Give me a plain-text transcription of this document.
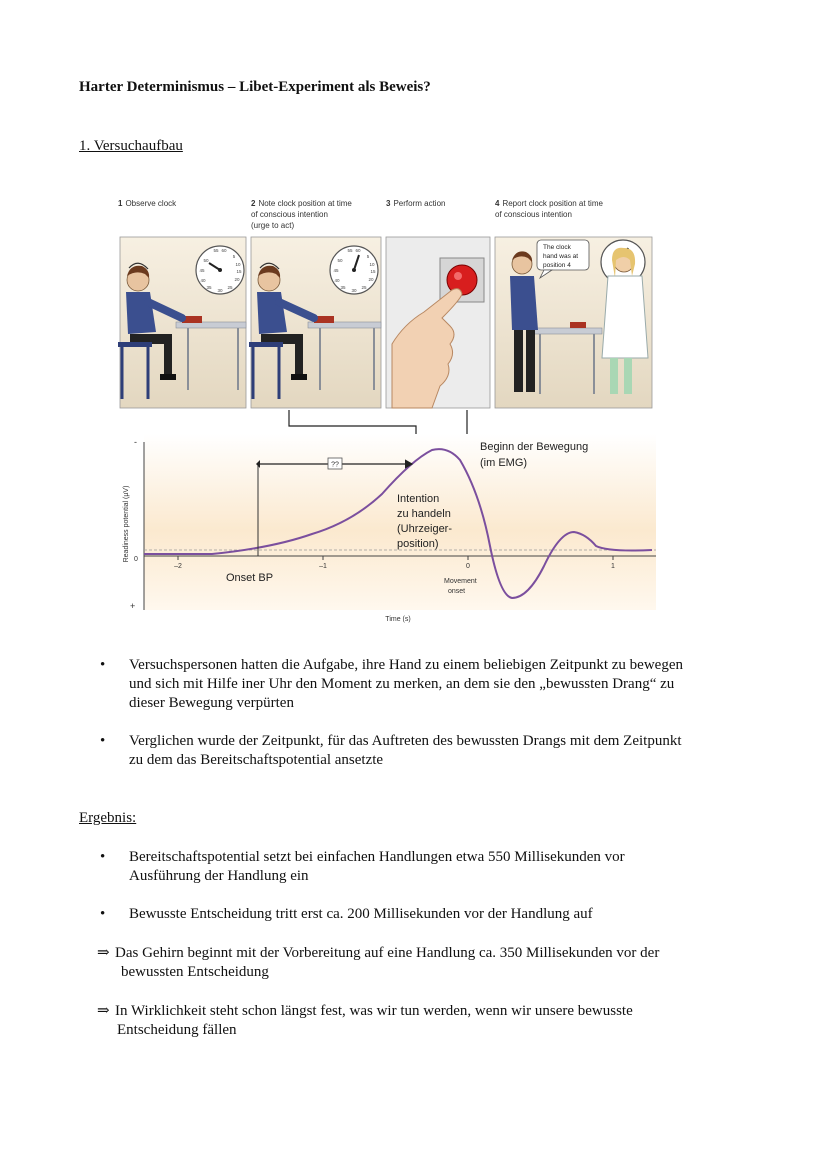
Harter Determinismus – Libet-Experiment als Beweis?
1. Versuchaufbau
1 Observe clock	2 Note clock position at time
of conscious intention
(urge to act)
3 Perform action	4 Report clock position at time
of conscious intention
55 60
5
10
15
20
25
30
35
40
45
50
55 60
5
10
15
20
25
30
35
40
45
50
The clock
hand was at
position 4
+
0
-
Readiness potential (µV)
–2	–1	0	1
Time (s)
??
Onset BP
Beginn der Bewegung
(im EMG)
Intention
zu handeln
(Uhrzeiger-
position)
Movement
onset
• Versuchspersonen hatten die Aufgabe, ihre Hand zu einem beliebigen Zeitpunkt zu bewegen
und sich mit Hilfe iner Uhr den Moment zu merken, an dem sie den „bewussten Drang“ zu
dieser Bewegung verpürten
• Verglichen wurde der Zeitpunkt, für das Auftreten des bewussten Drangs mit dem Zeitpunkt
zu dem das Bereitschaftspotential ansetzte
Ergebnis:
• Bereitschaftspotential setzt bei einfachen Handlungen etwa 550 Millisekunden vor
Ausführung der Handlung ein
• Bewusste Entscheidung tritt erst ca. 200 Millisekunden vor der Handlung auf
⇒ Das Gehirn beginnt mit der Vorbereitung auf eine Handlung ca. 350 Millisekunden vor der
bewussten Entscheidung
⇒ In Wirklichkeit steht schon längst fest, was wir tun werden, wenn wir unsere bewusste
Entscheidung fällen
